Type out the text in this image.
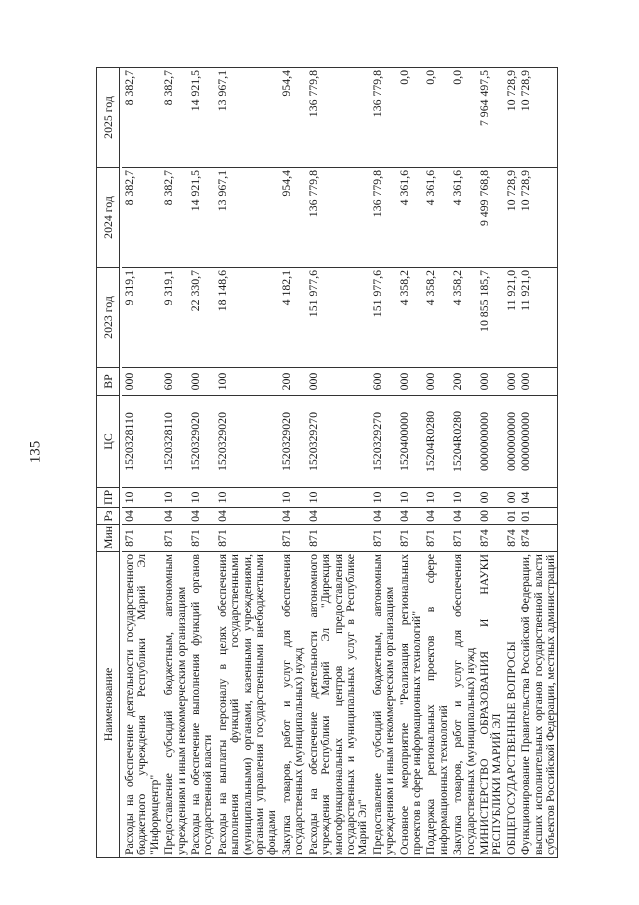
135
Наименование	Мин	Рз	ПР	ЦС	ВР	2023 год	2024 год	2025 год

Расходы на обеспечение деятельности государственного бюджетного учреждения Республики Марий Эл "Информцентр"	871	04	10	1520328110	000	9 319,1	8 382,7	8 382,7
Предоставление субсидий бюджетным, автономным учреждениям и иным некоммерческим организациям	871	04	10	1520328110	600	9 319,1	8 382,7	8 382,7
Расходы на обеспечение выполнения функций органов государственной власти	871	04	10	1520329020	000	22 330,7	14 921,5	14 921,5
Расходы на выплаты персоналу в целях обеспечения выполнения функций государственными (муниципальными) органами, казенными учреждениями, органами управления государственными внебюджетными фондами	871	04	10	1520329020	100	18 148,6	13 967,1	13 967,1
Закупка товаров, работ и услуг для обеспечения государственных (муниципальных) нужд	871	04	10	1520329020	200	4 182,1	954,4	954,4
Расходы на обеспечение деятельности автономного учреждения Республики Марий Эл "Дирекция многофункциональных центров предоставления государственных и муниципальных услуг в Республике Марий Эл"	871	04	10	1520329270	000	151 977,6	136 779,8	136 779,8
Предоставление субсидий бюджетным, автономным учреждениям и иным некоммерческим организациям	871	04	10	1520329270	600	151 977,6	136 779,8	136 779,8
Основное мероприятие "Реализация региональных проектов в сфере информационных технологий"	871	04	10	1520400000	000	4 358,2	4 361,6	0,0
Поддержка региональных проектов в сфере информационных технологий	871	04	10	15204R0280	000	4 358,2	4 361,6	0,0
Закупка товаров, работ и услуг для обеспечения государственных (муниципальных) нужд	871	04	10	15204R0280	200	4 358,2	4 361,6	0,0
МИНИСТЕРСТВО ОБРАЗОВАНИЯ И НАУКИ РЕСПУБЛИКИ МАРИЙ ЭЛ	874	00	00	0000000000	000	10 855 185,7	9 499 768,8	7 964 497,5
ОБЩЕГОСУДАРСТВЕННЫЕ ВОПРОСЫ	874	01	00	0000000000	000	11 921,0	10 728,9	10 728,9
Функционирование Правительства Российской Федерации, высших исполнительных органов государственной власти субъектов Российской Федерации, местных администраций	874	01	04	0000000000	000	11 921,0	10 728,9	10 728,9
